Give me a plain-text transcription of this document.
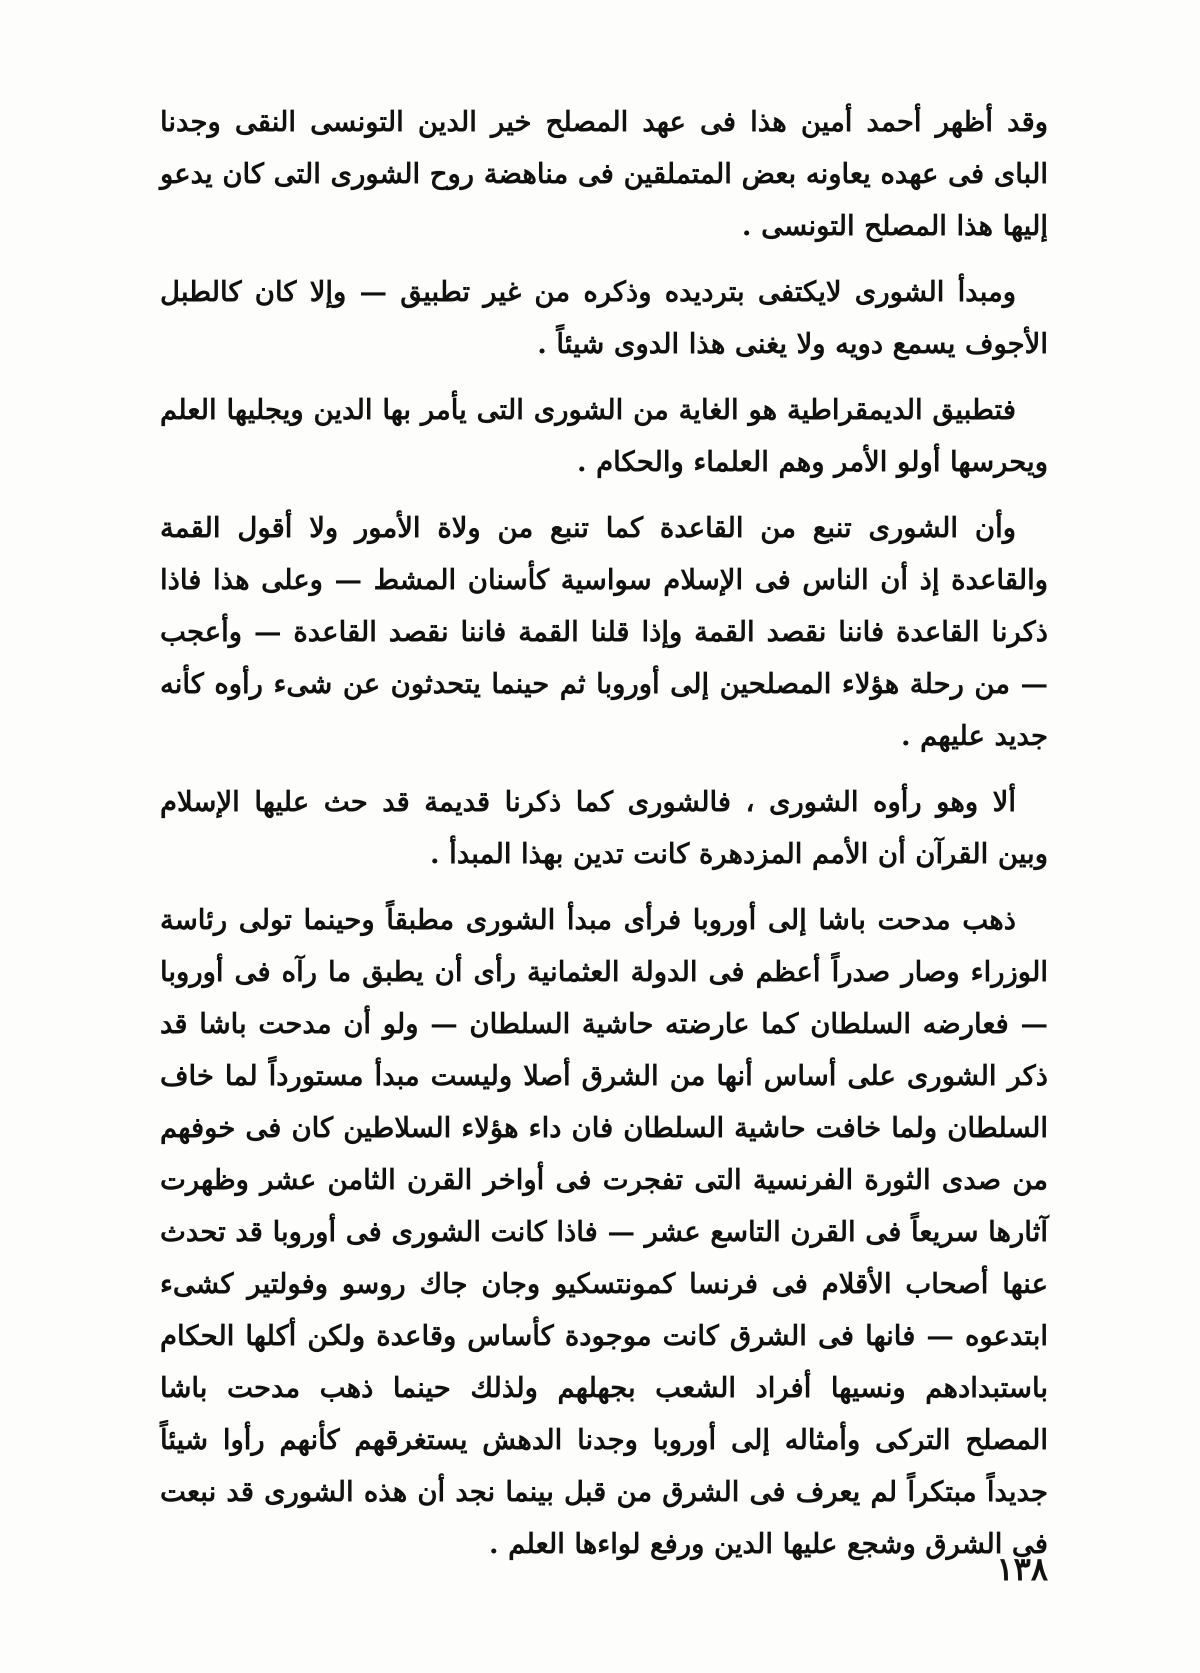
وقد أظهر أحمد أمين هذا فى عهد المصلح خير الدين التونسى النقى وجدنا الباى فى عهده يعاونه بعض المتملقين فى مناهضة روح الشورى التى كان يدعو إليها هذا المصلح التونسى .

ومبدأ الشورى لايكتفى بترديده وذكره من غير تطبيق — وإلا كان كالطبل الأجوف يسمع دويه ولا يغنى هذا الدوى شيئاً .

فتطبيق الديمقراطية هو الغاية من الشورى التى يأمر بها الدين ويجليها العلم ويحرسها أولو الأمر وهم العلماء والحكام .

وأن الشورى تنبع من القاعدة كما تنبع من ولاة الأمور ولا أقول القمة والقاعدة إذ أن الناس فى الإسلام سواسية كأسنان المشط — وعلى هذا فاذا ذكرنا القاعدة فاننا نقصد القمة وإذا قلنا القمة فاننا نقصد القاعدة — وأعجب — من رحلة هؤلاء المصلحين إلى أوروبا ثم حينما يتحدثون عن شىء رأوه كأنه جديد عليهم .

ألا وهو رأوه الشورى ، فالشورى كما ذكرنا قديمة قد حث عليها الإسلام وبين القرآن أن الأمم المزدهرة كانت تدين بهذا المبدأ .

ذهب مدحت باشا إلى أوروبا فرأى مبدأ الشورى مطبقاً وحينما تولى رئاسة الوزراء وصار صدراً أعظم فى الدولة العثمانية رأى أن يطبق ما رآه فى أوروبا — فعارضه السلطان كما عارضته حاشية السلطان — ولو أن مدحت باشا قد ذكر الشورى على أساس أنها من الشرق أصلا وليست مبدأ مستورداً لما خاف السلطان ولما خافت حاشية السلطان فان داء هؤلاء السلاطين كان فى خوفهم من صدى الثورة الفرنسية التى تفجرت فى أواخر القرن الثامن عشر وظهرت آثارها سريعاً فى القرن التاسع عشر — فاذا كانت الشورى فى أوروبا قد تحدث عنها أصحاب الأقلام فى فرنسا كمونتسكيو وجان جاك روسو وفولتير كشىء ابتدعوه — فانها فى الشرق كانت موجودة كأساس وقاعدة ولكن أكلها الحكام باستبدادهم ونسيها أفراد الشعب بجهلهم ولذلك حينما ذهب مدحت باشا المصلح التركى وأمثاله إلى أوروبا وجدنا الدهش يستغرقهم كأنهم رأوا شيئاً جديداً مبتكراً لم يعرف فى الشرق من قبل بينما نجد أن هذه الشورى قد نبعت فى الشرق وشجع عليها الدين ورفع لواءها العلم .

١٣٨
